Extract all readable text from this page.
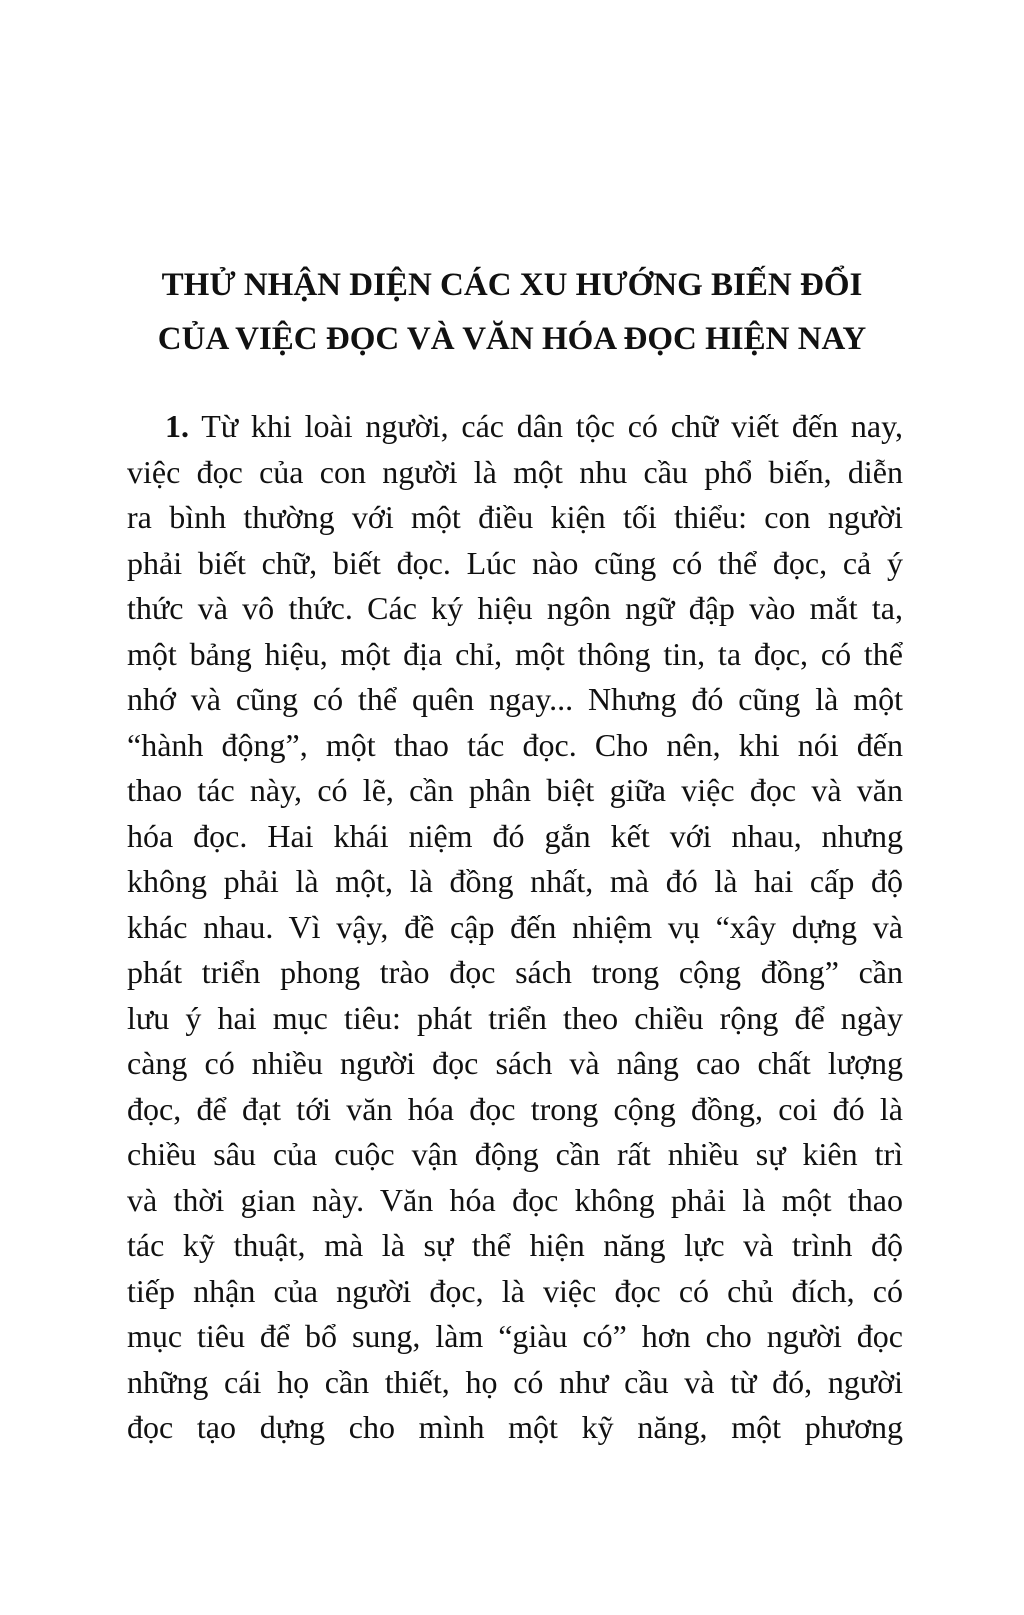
THỬ NHẬN DIỆN CÁC XU HƯỚNG BIẾN ĐỔI
CỦA VIỆC ĐỌC VÀ VĂN HÓA ĐỌC HIỆN NAY
1. Từ khi loài người, các dân tộc có chữ viết đến nay,
việc đọc của con người là một nhu cầu phổ biến, diễn
ra bình thường với một điều kiện tối thiểu: con người
phải biết chữ, biết đọc. Lúc nào cũng có thể đọc, cả ý
thức và vô thức. Các ký hiệu ngôn ngữ đập vào mắt ta,
một bảng hiệu, một địa chỉ, một thông tin, ta đọc, có thể
nhớ và cũng có thể quên ngay... Nhưng đó cũng là một
“hành động”, một thao tác đọc. Cho nên, khi nói đến
thao tác này, có lẽ, cần phân biệt giữa việc đọc và văn
hóa đọc. Hai khái niệm đó gắn kết với nhau, nhưng
không phải là một, là đồng nhất, mà đó là hai cấp độ
khác nhau. Vì vậy, đề cập đến nhiệm vụ “xây dựng và
phát triển phong trào đọc sách trong cộng đồng” cần
lưu ý hai mục tiêu: phát triển theo chiều rộng để ngày
càng có nhiều người đọc sách và nâng cao chất lượng
đọc, để đạt tới văn hóa đọc trong cộng đồng, coi đó là
chiều sâu của cuộc vận động cần rất nhiều sự kiên trì
và thời gian này. Văn hóa đọc không phải là một thao
tác kỹ thuật, mà là sự thể hiện năng lực và trình độ
tiếp nhận của người đọc, là việc đọc có chủ đích, có
mục tiêu để bổ sung, làm “giàu có” hơn cho người đọc
những cái họ cần thiết, họ có như cầu và từ đó, người
đọc tạo dựng cho mình một kỹ năng, một phương
